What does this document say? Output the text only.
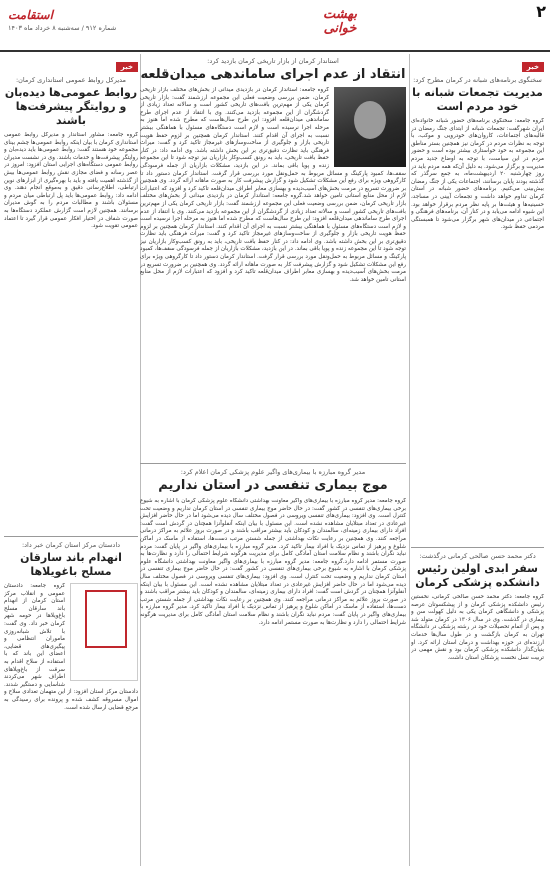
۲
بهشت خوانی
استقامت
شماره ۹۱۲ / سه‌شنبه ۸ خرداد ماه ۱۴۰۳
خبر
سخنگوی برنامه‌های شبانه در کرمان مطرح کرد:
مدیریت تجمعات شبانه با خود مردم است
گروه جامعه: سخنگوی برنامه‌های حضور شبانه خانواده‌ای ایران شهرگفت: تجمعات شبانه از ابتدای جنگ رمضان در قالبه‌های اجتماعات، کاروان‌های خودرویی و موکب، با توجه به نظرات مردم در کرمان نیز همچنین بستر مناطق این مجموعه به خود خواستاری بیشتر بوده است و حضور مردم در این سیاست، با توجه به اوضاع جدید مردم مدیریت و برگزار می‌شود. به دلیل آن‌که همه مردم باید در روز چهارشنبه ۲۰ اردیبهشت‌ماه، به جمع سرگذر که گذشته بودند پایان برسانند، اجتماعات یکی از جنگ رمضان بیش‌بینی می‌کنیم. برنامه‌های حضور شبانه در استان کرمان تداوم خواهد داشت و تجمعات آیینی در مساجد، حسینیه‌ها و هیئت‌ها بر پایه نظر مردم برقرار خواهد بود. این شیوه ادامه می‌یابد و در کنار آن، برنامه‌های فرهنگی و اجتماعی در میدان‌های شهر برگزار می‌شود تا همبستگی مردمی حفظ شود.
دکتر محمد حسن صالحی کرمانی درگذشت:
سفر ابدی اولین رئیس دانشکده پزشکی کرمان
گروه جامعه: دکتر محمد حسن صالحی کرمانی، نخستین رئیس دانشکده پزشکی کرمان و از پیشکسوتان عرصه پزشکی و دانشگاهی کرمان یکی به دلیل کهولت سن و بیماری در گذشت. وی در سال ۱۳۰۶ در کرمان متولد شد و پس از اتمام تحصیلات خود در رشته پزشکی در دانشگاه تهران به کرمان بازگشت و در طول سال‌ها خدمات ارزنده‌ای در حوزه بهداشت و درمان استان ارائه کرد. او بنیان‌گذار دانشکده پزشکی کرمان بود و نقش مهمی در تربیت نسل نخست پزشکان استان داشت.
استاندار کرمان از بازار تاریخی کرمان بازدید کرد:
انتقاد از عدم اجرای ساماندهی میدان‌قلعه
گروه جامعه: استاندار کرمان در بازدیدی میدانی از بخش‌های مختلف بازار تاریخی کرمان، ضمن بررسی وضعیت فعلی این مجموعه ارزشمند گفت: بازار تاریخی کرمان یکی از مهم‌ترین بافت‌های تاریخی کشور است و سالانه تعداد زیادی از گردشگران از این مجموعه بازدید می‌کنند. وی با انتقاد از عدم اجرای طرح ساماندهی میدان‌قلعه افزود: این طرح سال‌هاست که مطرح شده اما هنوز به مرحله اجرا نرسیده است و لازم است دستگاه‌های مسئول با هماهنگی بیشتر نسبت به اجرای آن اقدام کنند. استاندار کرمان همچنین بر لزوم حفظ هویت تاریخی بازار و جلوگیری از ساخت‌وسازهای غیرمجاز تاکید کرد و گفت: میراث فرهنگی باید نظارت دقیق‌تری بر این بخش داشته باشد. وی ادامه داد: در کنار حفظ بافت تاریخی، باید به رونق کسب‌وکار بازاریان نیز توجه شود تا این مجموعه زنده و پویا باقی بماند. در این بازدید، مشکلات بازاریان از جمله فرسودگی سقف‌ها، کمبود پارکینگ و مسائل مربوط به حمل‌ونقل مورد بررسی قرار گرفت. استاندار کرمان دستور داد تا کارگروهی ویژه برای رفع این مشکلات تشکیل شود و گزارش پیشرفت کار به صورت ماهانه ارائه گردد. وی همچنین بر ضرورت تسریع در مرمت بخش‌های آسیب‌دیده و بهسازی معابر اطراف میدان‌قلعه تاکید کرد و افزود که اعتبارات لازم از محل منابع استانی تامین خواهد شد.گروه جامعه: استاندار کرمان در بازدیدی میدانی از بخش‌های مختلف بازار تاریخی کرمان، ضمن بررسی وضعیت فعلی این مجموعه ارزشمند گفت: بازار تاریخی کرمان یکی از مهم‌ترین بافت‌های تاریخی کشور است و سالانه تعداد زیادی از گردشگران از این مجموعه بازدید می‌کنند. وی با انتقاد از عدم اجرای طرح ساماندهی میدان‌قلعه افزود: این طرح سال‌هاست که مطرح شده اما هنوز به مرحله اجرا نرسیده است و لازم است دستگاه‌های مسئول با هماهنگی بیشتر نسبت به اجرای آن اقدام کنند. استاندار کرمان همچنین بر لزوم حفظ هویت تاریخی بازار و جلوگیری از ساخت‌وسازهای غیرمجاز تاکید کرد و گفت: میراث فرهنگی باید نظارت دقیق‌تری بر این بخش داشته باشد. وی ادامه داد: در کنار حفظ بافت تاریخی، باید به رونق کسب‌وکار بازاریان نیز توجه شود تا این مجموعه زنده و پویا باقی بماند. در این بازدید، مشکلات بازاریان از جمله فرسودگی سقف‌ها، کمبود پارکینگ و مسائل مربوط به حمل‌ونقل مورد بررسی قرار گرفت. استاندار کرمان دستور داد تا کارگروهی ویژه برای رفع این مشکلات تشکیل شود و گزارش پیشرفت کار به صورت ماهانه ارائه گردد. وی همچنین بر ضرورت تسریع در مرمت بخش‌های آسیب‌دیده و بهسازی معابر اطراف میدان‌قلعه تاکید کرد و افزود که اعتبارات لازم از محل منابع استانی تامین خواهد شد.
مدیر گروه مبارزه با بیماری‌های واگیر علوم پزشکی کرمان اعلام کرد:
موج بیماری تنفسی در استان نداریم
گروه جامعه: مدیر گروه مبارزه با بیماری‌های واگیر معاونت بهداشتی دانشگاه علوم پزشکی کرمان با اشاره به شیوع برخی بیماری‌های تنفسی در کشور گفت: در حال حاضر موج بیماری تنفسی در استان کرمان نداریم و وضعیت تحت کنترل است. وی افزود: بیماری‌های تنفسی ویروسی در فصول مختلف سال دیده می‌شود اما در حال حاضر افزایش غیرعادی در تعداد مبتلایان مشاهده نشده است. این مسئول با بیان اینکه آنفلوآنزا همچنان در گردش است گفت: افراد دارای بیماری زمینه‌ای، سالمندان و کودکان باید بیشتر مراقب باشند و در صورت بروز علائم به مراکز درمانی مراجعه کنند. وی همچنین بر رعایت نکات بهداشتی از جمله شستن مرتب دست‌ها، استفاده از ماسک در اماکن شلوغ و پرهیز از تماس نزدیک با افراد بیمار تاکید کرد. مدیر گروه مبارزه با بیماری‌های واگیر در پایان گفت: مردم نباید نگران باشند و نظام سلامت استان آمادگی کامل برای مدیریت هرگونه شرایط احتمالی را دارد و نظارت‌ها به صورت مستمر ادامه دارد.گروه جامعه: مدیر گروه مبارزه با بیماری‌های واگیر معاونت بهداشتی دانشگاه علوم پزشکی کرمان با اشاره به شیوع برخی بیماری‌های تنفسی در کشور گفت: در حال حاضر موج بیماری تنفسی در استان کرمان نداریم و وضعیت تحت کنترل است. وی افزود: بیماری‌های تنفسی ویروسی در فصول مختلف سال دیده می‌شود اما در حال حاضر افزایش غیرعادی در تعداد مبتلایان مشاهده نشده است. این مسئول با بیان اینکه آنفلوآنزا همچنان در گردش است گفت: افراد دارای بیماری زمینه‌ای، سالمندان و کودکان باید بیشتر مراقب باشند و در صورت بروز علائم به مراکز درمانی مراجعه کنند. وی همچنین بر رعایت نکات بهداشتی از جمله شستن مرتب دست‌ها، استفاده از ماسک در اماکن شلوغ و پرهیز از تماس نزدیک با افراد بیمار تاکید کرد. مدیر گروه مبارزه با بیماری‌های واگیر در پایان گفت: مردم نباید نگران باشند و نظام سلامت استان آمادگی کامل برای مدیریت هرگونه شرایط احتمالی را دارد و نظارت‌ها به صورت مستمر ادامه دارد.
خبر
مدیرکل روابط عمومی استانداری کرمان:
روابط عمومی‌ها دیده‌بان و روایتگر پیشرفت‌ها باشند
گروه جامعه: مشاور استاندار و مدیرکل روابط عمومی استانداری کرمان با بیان اینکه روابط عمومی‌ها چشم بینای مجموعه خود هستند گفت: روابط عمومی‌ها باید دیده‌بان و روایتگر پیشرفت‌ها و خدمات باشند. وی در نشست مدیران روابط عمومی دستگاه‌های اجرایی استان افزود: امروز در عصر رسانه و فضای مجازی نقش روابط عمومی‌ها بیش از گذشته اهمیت یافته و باید با بهره‌گیری از ابزارهای نوین ارتباطی، اطلاع‌رسانی دقیق و به‌موقع انجام دهند. وی ادامه داد: روابط عمومی‌ها باید پل ارتباطی میان مردم و مسئولان باشند و مطالبات مردم را به گوش مدیران برسانند. همچنین لازم است گزارش عملکرد دستگاه‌ها به صورت شفاف در اختیار افکار عمومی قرار گیرد تا اعتماد عمومی تقویت شود.
دادستان مرکز استان کرمان خبر داد:
انهدام باند سارقان مسلح باغویلاها
گروه جامعه: دادستان عمومی و انقلاب مرکز استان کرمان از انهدام باند سارقان مسلح باغ‌ویلاها در حومه شهر کرمان خبر داد. وی گفت: با تلاش شبانه‌روزی ماموران انتظامی و پیگیری‌های قضایی، اعضای این باند که با استفاده از سلاح اقدام به سرقت از باغ‌ویلاهای اطراف شهر می‌کردند شناسایی و دستگیر شدند. دادستان مرکز استان افزود: از این متهمان تعدادی سلاح و اموال مسروقه کشف شده و پرونده برای رسیدگی به مرجع قضایی ارسال شده است.
